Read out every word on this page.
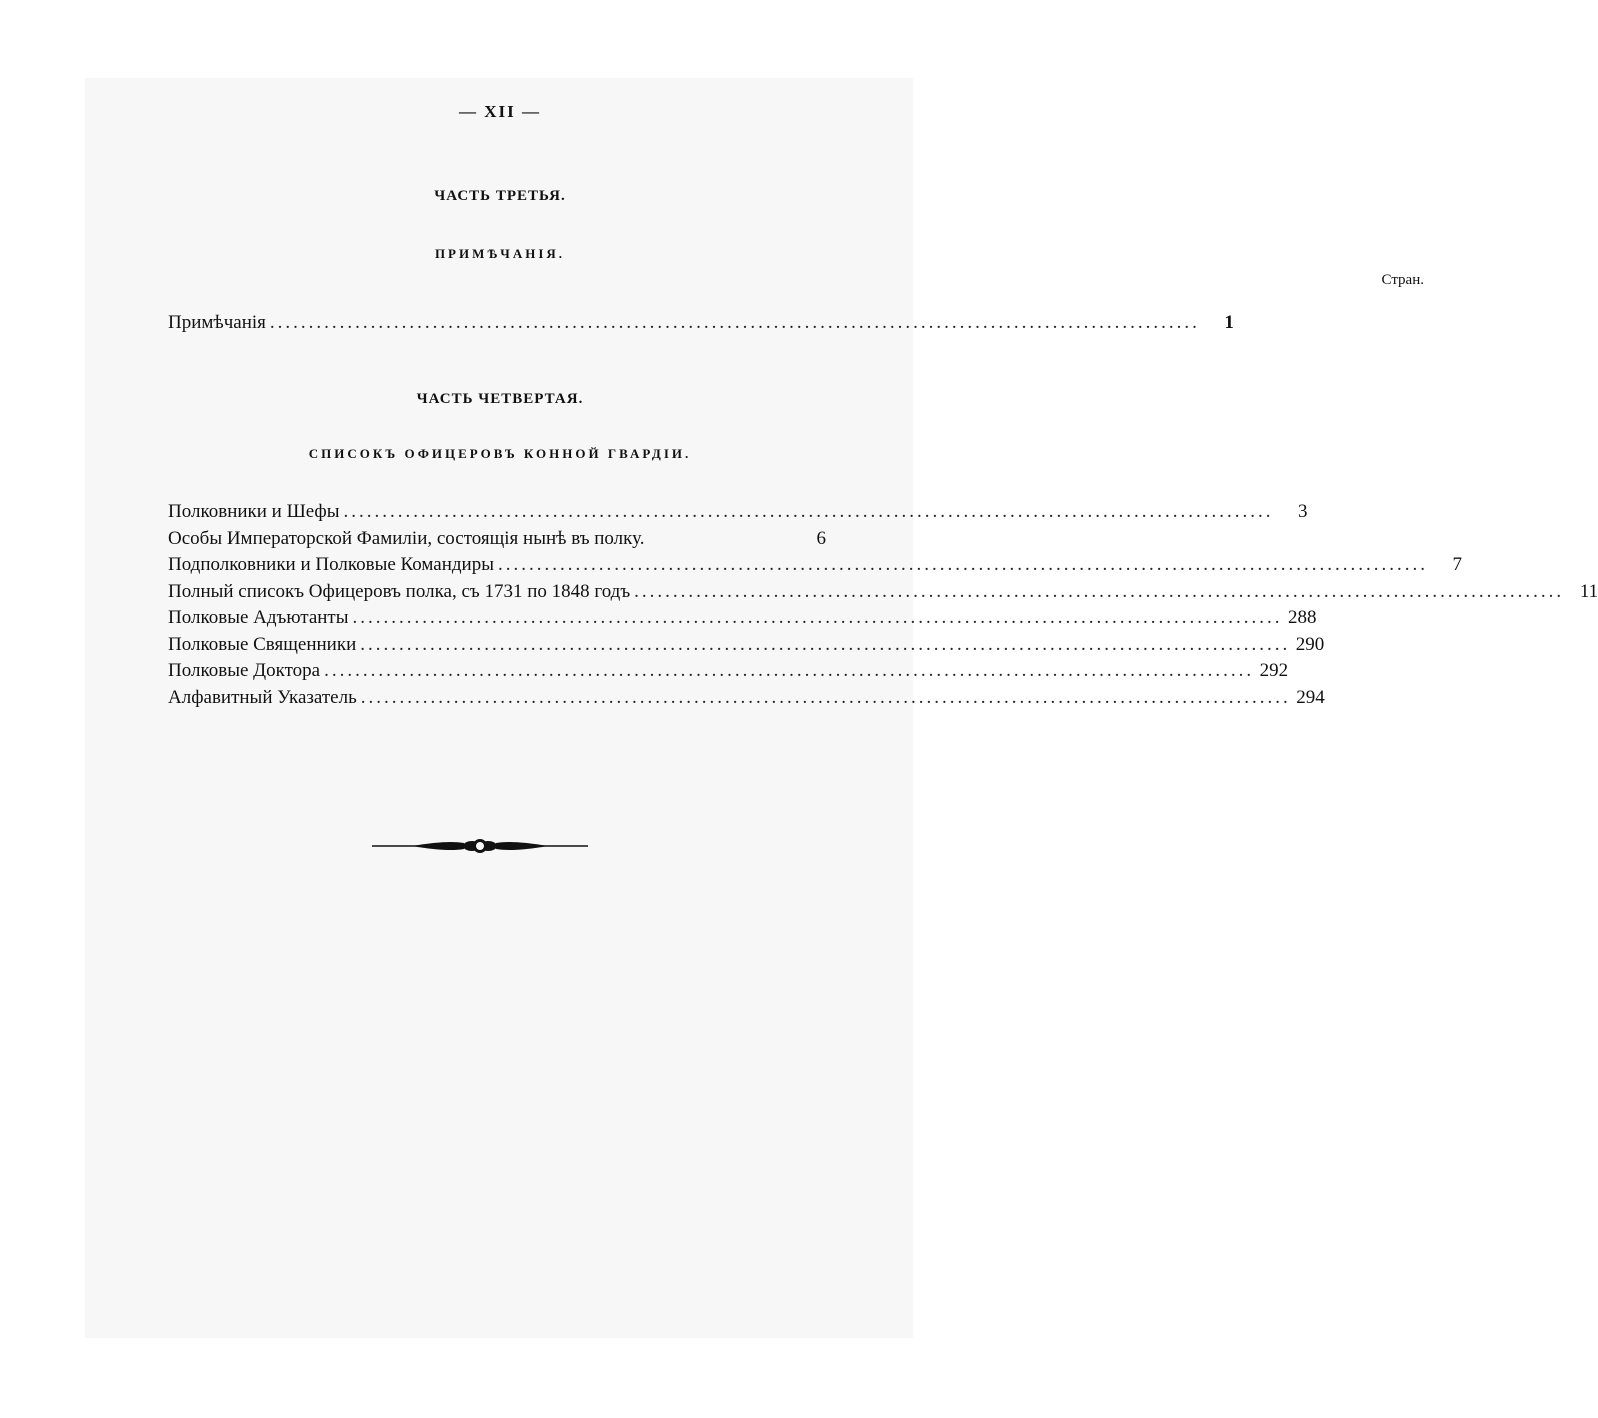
— XII —
ЧАСТЬ ТРЕТЬЯ.
ПРИМѢЧАНІЯ.
Стран.
Примѣчанія ........................................................................................................................	1
ЧАСТЬ ЧЕТВЕРТАЯ.
СПИСОКЪ ОФИЦЕРОВЪ КОННОЙ ГВАРДІИ.
Полковники и Шефы ........................................................................................................................	3
Особы Императорской Фамиліи, состоящія нынѣ въ полку.	6
Подполковники и Полковые Командиры ........................................................................................................................	7
Полный списокъ Офицеровъ полка, съ 1731 по 1848 годъ ........................................................................................................................ 11
Полковые Адъютанты ........................................................................................................................ 288
Полковые Священники ........................................................................................................................ 290
Полковые Доктора ........................................................................................................................ 292
Алфавитный Указатель ........................................................................................................................ 294
